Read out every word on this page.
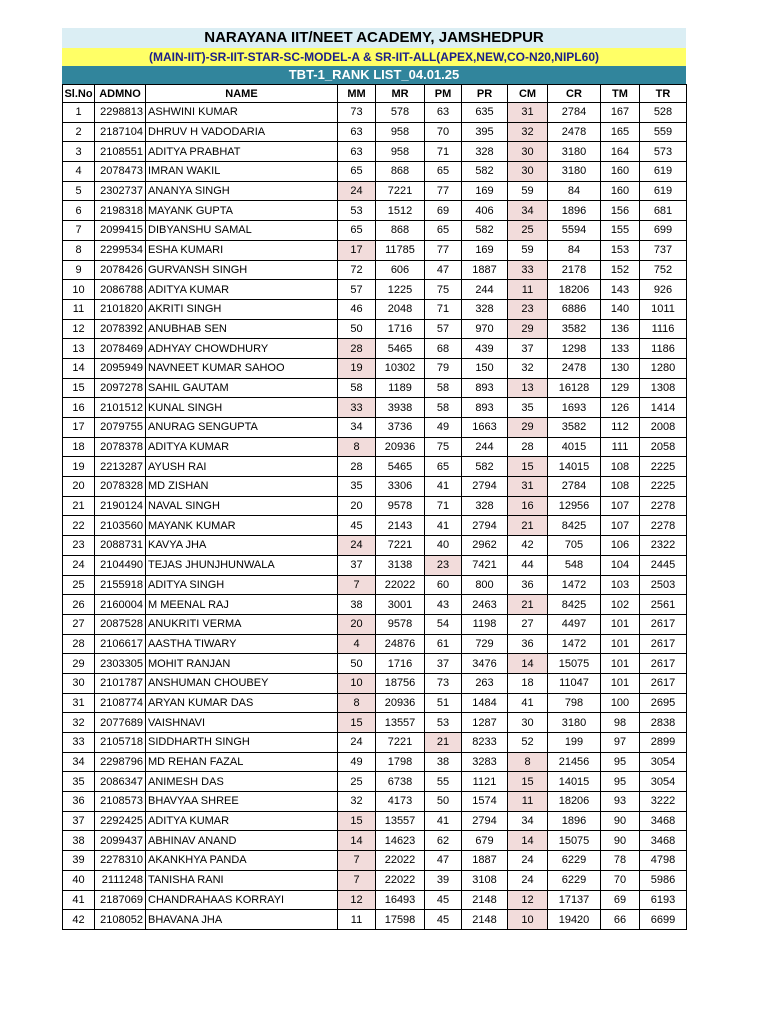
NARAYANA IIT/NEET ACADEMY, JAMSHEDPUR
(MAIN-IIT)-SR-IIT-STAR-SC-MODEL-A & SR-IIT-ALL(APEX,NEW,CO-N20,NIPL60)
TBT-1_RANK LIST_04.01.25
Sl.No	ADMNO	NAME	MM	MR	PM	PR	CM	CR	TM	TR
1	2298813	ASHWINI KUMAR	73	578	63	635	31	2784	167	528
2	2187104	DHRUV H VADODARIA	63	958	70	395	32	2478	165	559
3	2108551	ADITYA PRABHAT	63	958	71	328	30	3180	164	573
4	2078473	IMRAN WAKIL	65	868	65	582	30	3180	160	619
5	2302737	ANANYA SINGH	24	7221	77	169	59	84	160	619
6	2198318	MAYANK GUPTA	53	1512	69	406	34	1896	156	681
7	2099415	DIBYANSHU SAMAL	65	868	65	582	25	5594	155	699
8	2299534	ESHA KUMARI	17	11785	77	169	59	84	153	737
9	2078426	GURVANSH SINGH	72	606	47	1887	33	2178	152	752
10	2086788	ADITYA KUMAR	57	1225	75	244	11	18206	143	926
11	2101820	AKRITI SINGH	46	2048	71	328	23	6886	140	1011
12	2078392	ANUBHAB SEN	50	1716	57	970	29	3582	136	1116
13	2078469	ADHYAY CHOWDHURY	28	5465	68	439	37	1298	133	1186
14	2095949	NAVNEET KUMAR SAHOO	19	10302	79	150	32	2478	130	1280
15	2097278	SAHIL GAUTAM	58	1189	58	893	13	16128	129	1308
16	2101512	KUNAL SINGH	33	3938	58	893	35	1693	126	1414
17	2079755	ANURAG SENGUPTA	34	3736	49	1663	29	3582	112	2008
18	2078378	ADITYA KUMAR	8	20936	75	244	28	4015	111	2058
19	2213287	AYUSH RAI	28	5465	65	582	15	14015	108	2225
20	2078328	MD ZISHAN	35	3306	41	2794	31	2784	108	2225
21	2190124	NAVAL SINGH	20	9578	71	328	16	12956	107	2278
22	2103560	MAYANK KUMAR	45	2143	41	2794	21	8425	107	2278
23	2088731	KAVYA JHA	24	7221	40	2962	42	705	106	2322
24	2104490	TEJAS JHUNJHUNWALA	37	3138	23	7421	44	548	104	2445
25	2155918	ADITYA SINGH	7	22022	60	800	36	1472	103	2503
26	2160004	M MEENAL RAJ	38	3001	43	2463	21	8425	102	2561
27	2087528	ANUKRITI VERMA	20	9578	54	1198	27	4497	101	2617
28	2106617	AASTHA TIWARY	4	24876	61	729	36	1472	101	2617
29	2303305	MOHIT RANJAN	50	1716	37	3476	14	15075	101	2617
30	2101787	ANSHUMAN CHOUBEY	10	18756	73	263	18	11047	101	2617
31	2108774	ARYAN KUMAR DAS	8	20936	51	1484	41	798	100	2695
32	2077689	VAISHNAVI	15	13557	53	1287	30	3180	98	2838
33	2105718	SIDDHARTH SINGH	24	7221	21	8233	52	199	97	2899
34	2298796	MD REHAN FAZAL	49	1798	38	3283	8	21456	95	3054
35	2086347	ANIMESH DAS	25	6738	55	1121	15	14015	95	3054
36	2108573	BHAVYAA SHREE	32	4173	50	1574	11	18206	93	3222
37	2292425	ADITYA KUMAR	15	13557	41	2794	34	1896	90	3468
38	2099437	ABHINAV ANAND	14	14623	62	679	14	15075	90	3468
39	2278310	AKANKHYA PANDA	7	22022	47	1887	24	6229	78	4798
40	2111248	TANISHA RANI	7	22022	39	3108	24	6229	70	5986
41	2187069	CHANDRAHAAS KORRAYI	12	16493	45	2148	12	17137	69	6193
42	2108052	BHAVANA JHA	11	17598	45	2148	10	19420	66	6699
